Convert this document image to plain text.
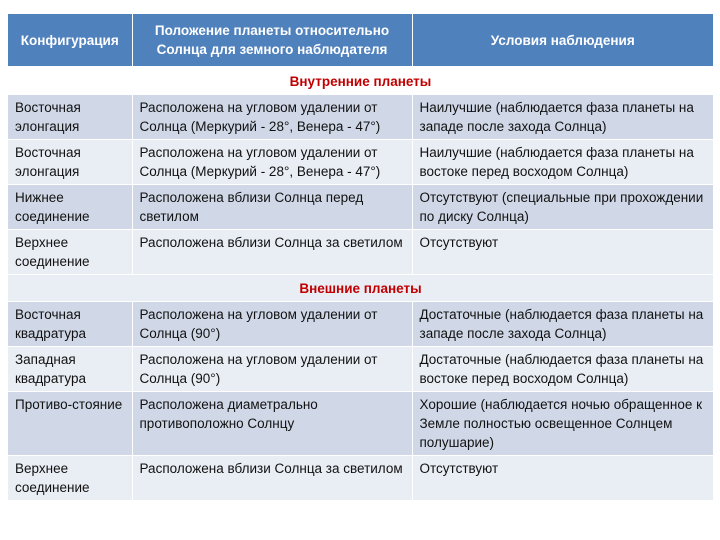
Конфигурация	Положение планеты относительно Солнца для земного наблюдателя	Условия наблюдения
Внутренние планеты		
Восточная элонгация	Расположена на угловом удалении от Солнца (Меркурий - 28°, Венера - 47°)	Наилучшие (наблюдается фаза планеты на западе после захода Солнца)
Восточная элонгация	Расположена на угловом удалении от Солнца (Меркурий - 28°, Венера - 47°)	Наилучшие (наблюдается фаза планеты на востоке перед восходом Солнца)
Нижнее соединение	Расположена вблизи Солнца перед светилом	Отсутствуют (специальные при прохождении по диску Солнца)
Верхнее соединение	Расположена вблизи Солнца за светилом	Отсутствуют
Внешние планеты		
Восточная квадратура	Расположена на угловом удалении от Солнца (90°)	Достаточные (наблюдается фаза планеты на западе после захода Солнца)
Западная квадратура	Расположена на угловом удалении от Солнца (90°)	Достаточные (наблюдается фаза планеты на востоке перед восходом Солнца)
Противо-стояние	Расположена диаметрально противоположно Солнцу	Хорошие (наблюдается ночью обращенное к Земле полностью освещенное Солнцем полушарие)
Верхнее соединение	Расположена вблизи Солнца за светилом	Отсутствуют
